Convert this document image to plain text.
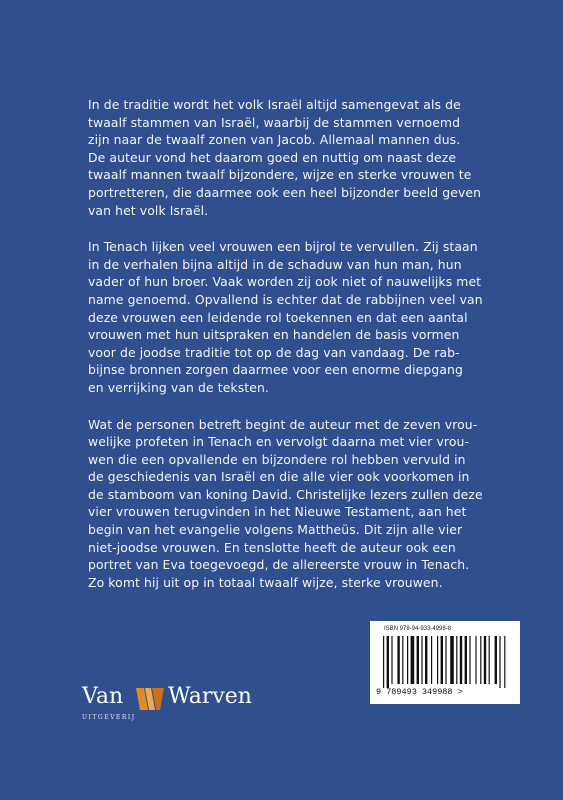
In de traditie wordt het volk Israël altijd samengevat als de
twaalf stammen van Israël, waarbij de stammen vernoemd
zijn naar de twaalf zonen van Jacob. Allemaal mannen dus.
De auteur vond het daarom goed en nuttig om naast deze
twaalf mannen twaalf bijzondere, wijze en sterke vrouwen te
portretteren, die daarmee ook een heel bijzonder beeld geven
van het volk Israël.

In Tenach lijken veel vrouwen een bijrol te vervullen. Zij staan
in de verhalen bijna altijd in de schaduw van hun man, hun
vader of hun broer. Vaak worden zij ook niet of nauwelijks met
name genoemd. Opvallend is echter dat de rabbijnen veel van
deze vrouwen een leidende rol toekennen en dat een aantal
vrouwen met hun uitspraken en handelen de basis vormen
voor de joodse traditie tot op de dag van vandaag. De rab-
bijnse bronnen zorgen daarmee voor een enorme diepgang
en verrijking van de teksten.

Wat de personen betreft begint de auteur met de zeven vrou-
welijke profeten in Tenach en vervolgt daarna met vier vrou-
wen die een opvallende en bijzondere rol hebben vervuld in
de geschiedenis van Israël en die alle vier ook voorkomen in
de stamboom van koning David. Christelijke lezers zullen deze
vier vrouwen terugvinden in het Nieuwe Testament, aan het
begin van het evangelie volgens Mattheüs. Dit zijn alle vier
niet-joodse vrouwen. En tenslotte heeft de auteur ook een
portret van Eva toegevoegd, de allereerste vrouw in Tenach.
Zo komt hij uit op in totaal twaalf wijze, sterke vrouwen.

Van Warven
UITGEVERIJ
ISBN 978-94-933-4998-8
9 789493 349988 >
